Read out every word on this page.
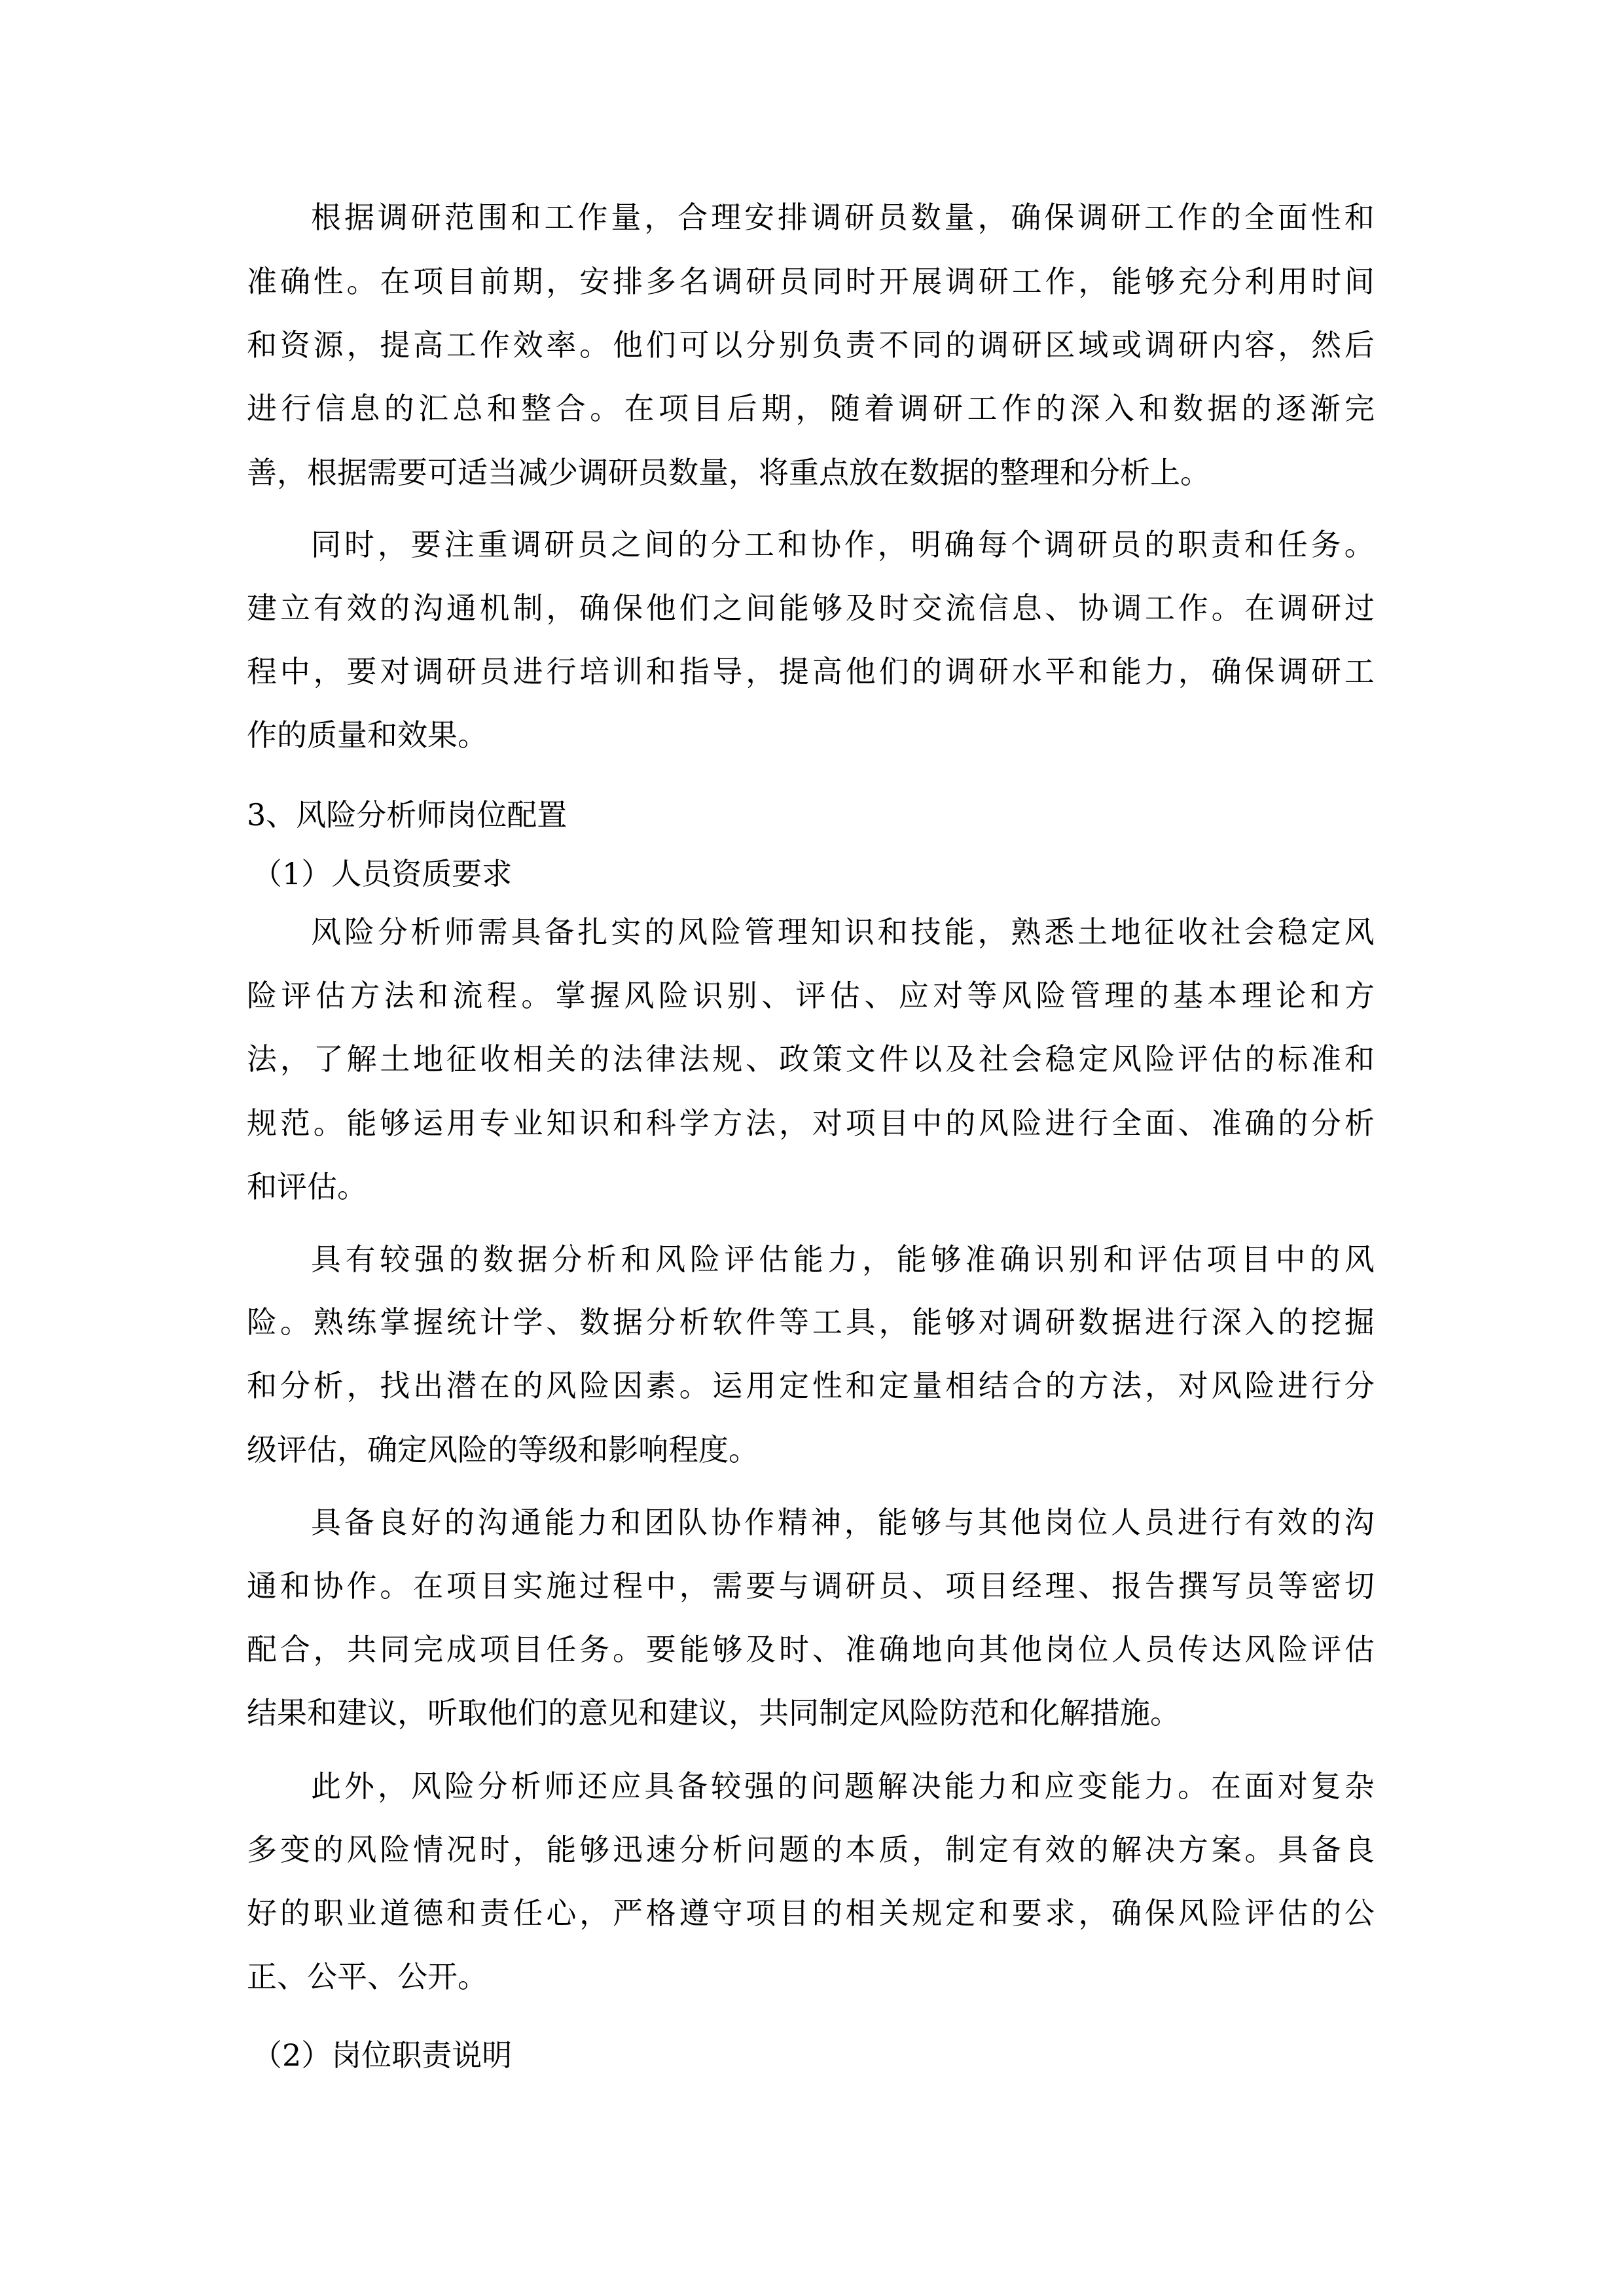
根 据 调 研 范 围 和 工 作 量 ， 合 理 安 排 调 研 员 数 量 ， 确 保 调 研 工 作 的 全 面 性 和
准 确 性 。 在 项 目 前 期 ， 安 排 多 名 调 研 员 同 时 开 展 调 研 工 作 ， 能 够 充 分 利 用 时 间
和 资 源 ， 提 高 工 作 效 率 。 他 们 可 以 分 别 负 责 不 同 的 调 研 区 域 或 调 研 内 容 ， 然 后
进 行 信 息 的 汇 总 和 整 合 。 在 项 目 后 期 ， 随 着 调 研 工 作 的 深 入 和 数 据 的 逐 渐 完
善，根据需要可适当减少调研员数量，将重点放在数据的整理和分析上。
同 时 ， 要 注 重 调 研 员 之 间 的 分 工 和 协 作 ， 明 确 每 个 调 研 员 的 职 责 和 任 务 。
建 立 有 效 的 沟 通 机 制 ， 确 保 他 们 之 间 能 够 及 时 交 流 信 息 、 协 调 工 作 。 在 调 研 过
程 中 ， 要 对 调 研 员 进 行 培 训 和 指 导 ， 提 高 他 们 的 调 研 水 平 和 能 力 ， 确 保 调 研 工
作的质量和效果。
3、风险分析师岗位配置
（1）人员资质要求
风 险 分 析 师 需 具 备 扎 实 的 风 险 管 理 知 识 和 技 能 ， 熟 悉 土 地 征 收 社 会 稳 定 风
险 评 估 方 法 和 流 程 。 掌 握 风 险 识 别 、 评 估 、 应 对 等 风 险 管 理 的 基 本 理 论 和 方
法 ， 了 解 土 地 征 收 相 关 的 法 律 法 规 、 政 策 文 件 以 及 社 会 稳 定 风 险 评 估 的 标 准 和
规 范 。 能 够 运 用 专 业 知 识 和 科 学 方 法 ， 对 项 目 中 的 风 险 进 行 全 面 、 准 确 的 分 析
和评估。
具 有 较 强 的 数 据 分 析 和 风 险 评 估 能 力 ， 能 够 准 确 识 别 和 评 估 项 目 中 的 风
险 。 熟 练 掌 握 统 计 学 、 数 据 分 析 软 件 等 工 具 ， 能 够 对 调 研 数 据 进 行 深 入 的 挖 掘
和 分 析 ， 找 出 潜 在 的 风 险 因 素 。 运 用 定 性 和 定 量 相 结 合 的 方 法 ， 对 风 险 进 行 分
级评估，确定风险的等级和影响程度。
具 备 良 好 的 沟 通 能 力 和 团 队 协 作 精 神 ， 能 够 与 其 他 岗 位 人 员 进 行 有 效 的 沟
通 和 协 作 。 在 项 目 实 施 过 程 中 ， 需 要 与 调 研 员 、 项 目 经 理 、 报 告 撰 写 员 等 密 切
配 合 ， 共 同 完 成 项 目 任 务 。 要 能 够 及 时 、 准 确 地 向 其 他 岗 位 人 员 传 达 风 险 评 估
结果和建议，听取他们的意见和建议，共同制定风险防范和化解措施。
此 外 ， 风 险 分 析 师 还 应 具 备 较 强 的 问 题 解 决 能 力 和 应 变 能 力 。 在 面 对 复 杂
多 变 的 风 险 情 况 时 ， 能 够 迅 速 分 析 问 题 的 本 质 ， 制 定 有 效 的 解 决 方 案 。 具 备 良
好 的 职 业 道 德 和 责 任 心 ， 严 格 遵 守 项 目 的 相 关 规 定 和 要 求 ， 确 保 风 险 评 估 的 公
正、公平、公开。
（2）岗位职责说明
